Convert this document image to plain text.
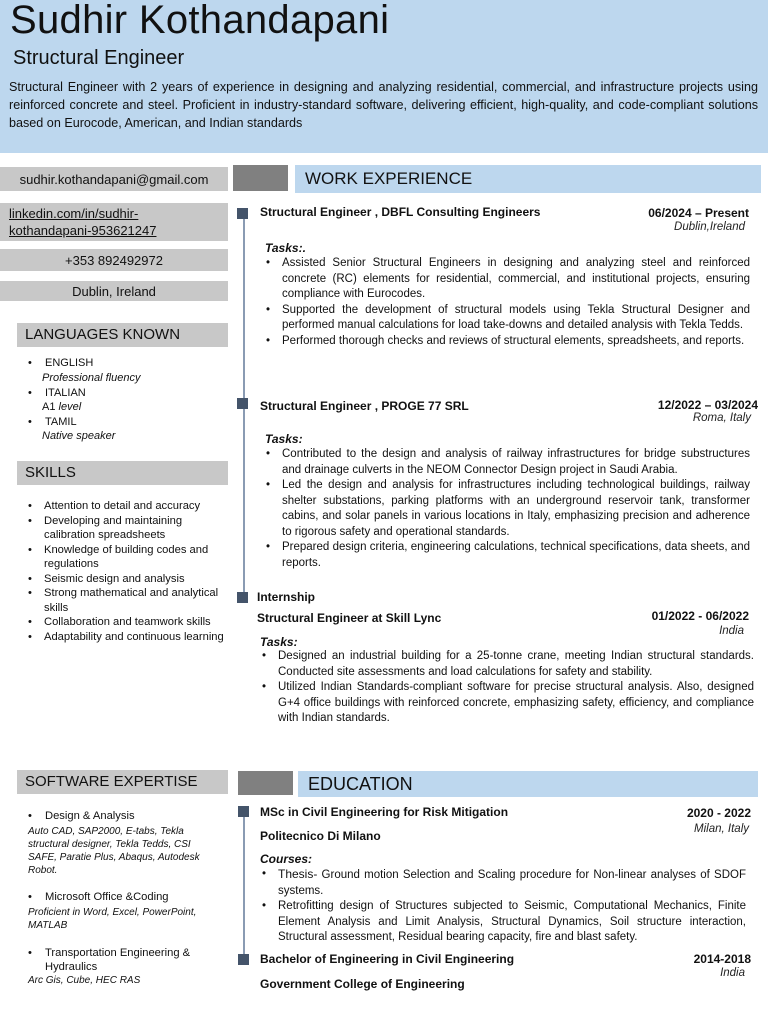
Sudhir Kothandapani
Structural Engineer
Structural Engineer with 2 years of experience in designing and analyzing residential, commercial, and infrastructure projects using reinforced concrete and steel. Proficient in industry-standard software, delivering efficient, high-quality, and code-compliant solutions based on Eurocode, American, and Indian standards
sudhir.kothandapani@gmail.com
linkedin.com/in/sudhir-
kothandapani-953621247
+353 892492972
Dublin, Ireland
LANGUAGES KNOWN
• ENGLISH
Professional fluency
• ITALIAN
A1 level
• TAMIL
Native speaker
SKILLS
• Attention to detail and accuracy
• Developing and maintaining calibration spreadsheets
• Knowledge of building codes and regulations
• Seismic design and analysis
• Strong mathematical and analytical skills
• Collaboration and teamwork skills
• Adaptability and continuous learning
SOFTWARE EXPERTISE
• Design & Analysis
Auto CAD, SAP2000, E-tabs, Tekla structural designer, Tekla Tedds, CSI SAFE, Paratie Plus, Abaqus, Autodesk Robot.
• Microsoft Office &Coding
Proficient in Word, Excel, PowerPoint, MATLAB
• Transportation Engineering & Hydraulics
Arc Gis, Cube, HEC RAS
WORK EXPERIENCE
Structural Engineer , DBFL Consulting Engineers	06/2024 – Present
Dublin,Ireland
Tasks:.
• Assisted Senior Structural Engineers in designing and analyzing steel and reinforced concrete (RC) elements for residential, commercial, and institutional projects, ensuring compliance with Eurocodes.
• Supported the development of structural models using Tekla Structural Designer and performed manual calculations for load take-downs and detailed analysis with Tekla Tedds.
• Performed thorough checks and reviews of structural elements, spreadsheets, and reports.
Structural Engineer , PROGE 77 SRL	12/2022 – 03/2024
Roma, Italy
Tasks:
• Contributed to the design and analysis of railway infrastructures for bridge substructures and drainage culverts in the NEOM Connector Design project in Saudi Arabia.
• Led the design and analysis for infrastructures including technological buildings, railway shelter substations, parking platforms with an underground reservoir tank, transformer cabins, and solar panels in various locations in Italy, emphasizing precision and adherence to rigorous safety and operational standards.
• Prepared design criteria, engineering calculations, technical specifications, data sheets, and reports.
Internship
Structural Engineer at Skill Lync	01/2022 - 06/2022
India
Tasks:
• Designed an industrial building for a 25-tonne crane, meeting Indian structural standards. Conducted site assessments and load calculations for safety and stability.
• Utilized Indian Standards-compliant software for precise structural analysis. Also, designed G+4 office buildings with reinforced concrete, emphasizing safety, efficiency, and compliance with Indian standards.
EDUCATION
MSc in Civil Engineering for Risk Mitigation	2020 - 2022
Politecnico Di Milano	Milan, Italy
Courses:
• Thesis- Ground motion Selection and Scaling procedure for Non-linear analyses of SDOF systems.
• Retrofitting design of Structures subjected to Seismic, Computational Mechanics, Finite Element Analysis and Limit Analysis, Structural Dynamics, Soil structure interaction, Structural assessment, Residual bearing capacity, fire and blast safety.
Bachelor of Engineering in Civil Engineering	2014-2018
India
Government College of Engineering
